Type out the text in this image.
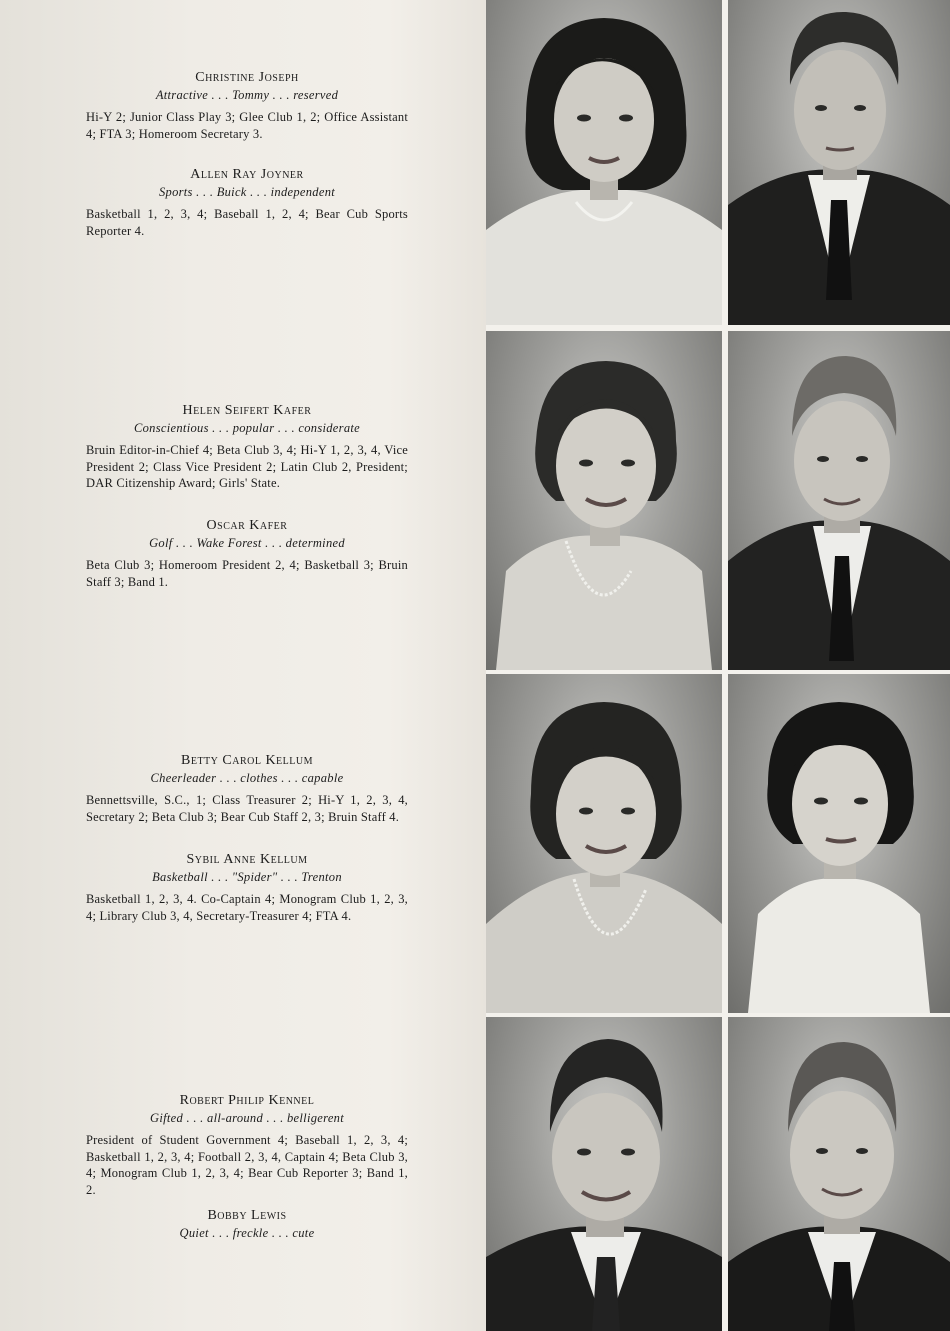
Christine Joseph

Attractive . . . Tommy . . . reserved

Hi-Y 2; Junior Class Play 3; Glee Club 1, 2; Office Assistant 4; FTA 3; Homeroom Secretary 3.

Allen Ray Joyner

Sports . . . Buick . . . independent

Basketball 1, 2, 3, 4; Baseball 1, 2, 4; Bear Cub Sports Reporter 4.

Helen Seifert Kafer

Conscientious . . . popular . . . considerate

Bruin Editor-in-Chief 4; Beta Club 3, 4; Hi-Y 1, 2, 3, 4, Vice President 2; Class Vice President 2; Latin Club 2, President; DAR Citizenship Award; Girls' State.

Oscar Kafer

Golf . . . Wake Forest . . . determined

Beta Club 3; Homeroom President 2, 4; Basketball 3; Bruin Staff 3; Band 1.

Betty Carol Kellum

Cheerleader . . . clothes . . . capable

Bennettsville, S.C., 1; Class Treasurer 2; Hi-Y 1, 2, 3, 4, Secretary 2; Beta Club 3; Bear Cub Staff 2, 3; Bruin Staff 4.

Sybil Anne Kellum

Basketball . . . "Spider" . . . Trenton

Basketball 1, 2, 3, 4. Co-Captain 4; Monogram Club 1, 2, 3, 4; Library Club 3, 4, Secretary-Treasurer 4; FTA 4.

Robert Philip Kennel

Gifted . . . all-around . . . belligerent

President of Student Government 4; Baseball 1, 2, 3, 4; Basketball 1, 2, 3, 4; Football 2, 3, 4, Captain 4; Beta Club 3, 4; Monogram Club 1, 2, 3, 4; Bear Cub Reporter 3; Band 1, 2.

Bobby Lewis

Quiet . . . freckle . . . cute
